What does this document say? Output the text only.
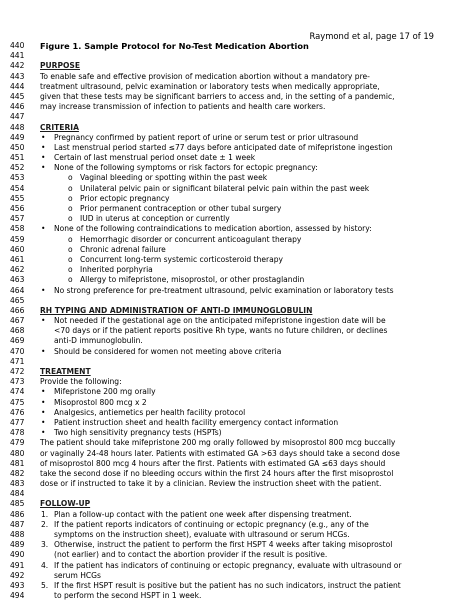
Raymond et al, page 17 of 19
440	Figure 1. Sample Protocol for No-Test Medication Abortion
441
442	PURPOSE
443	To enable safe and effective provision of medication abortion without a mandatory pre-
444	treatment ultrasound, pelvic examination or laboratory tests when medically appropriate,
445	given that these tests may be significant barriers to access and, in the setting of a pandemic,
446	may increase transmission of infection to patients and health care workers.
447
448	CRITERIA
449	• Pregnancy confirmed by patient report of urine or serum test or prior ultrasound
450	• Last menstrual period started ≤77 days before anticipated date of mifepristone ingestion
451	• Certain of last menstrual period onset date ± 1 week
452	• None of the following symptoms or risk factors for ectopic pregnancy:
453	o Vaginal bleeding or spotting within the past week
454	o Unilateral pelvic pain or significant bilateral pelvic pain within the past week
455	o Prior ectopic pregnancy
456	o Prior permanent contraception or other tubal surgery
457	o IUD in uterus at conception or currently
458	• None of the following contraindications to medication abortion, assessed by history:
459	o Hemorrhagic disorder or concurrent anticoagulant therapy
460	o Chronic adrenal failure
461	o Concurrent long-term systemic corticosteroid therapy
462	o Inherited porphyria
463	o Allergy to mifepristone, misoprostol, or other prostaglandin
464	• No strong preference for pre-treatment ultrasound, pelvic examination or laboratory tests
465
466	RH TYPING AND ADMINISTRATION OF ANTI-D IMMUNOGLOBULIN
467	• Not needed if the gestational age on the anticipated mifepristone ingestion date will be
468	<70 days or if the patient reports positive Rh type, wants no future children, or declines
469	anti-D immunoglobulin.
470	• Should be considered for women not meeting above criteria
471
472	TREATMENT
473	Provide the following:
474	• Mifepristone 200 mg orally
475	• Misoprostol 800 mcg x 2
476	• Analgesics, antiemetics per health facility protocol
477	• Patient instruction sheet and health facility emergency contact information
478	• Two high sensitivity pregnancy tests (HSPTs)
479	The patient should take mifepristone 200 mg orally followed by misoprostol 800 mcg buccally
480	or vaginally 24-48 hours later. Patients with estimated GA >63 days should take a second dose
481	of misoprostol 800 mcg 4 hours after the first. Patients with estimated GA ≤63 days should
482	take the second dose if no bleeding occurs within the first 24 hours after the first misoprostol
483	dose or if instructed to take it by a clinician. Review the instruction sheet with the patient.
484
485	FOLLOW-UP
486	1. Plan a follow-up contact with the patient one week after dispensing treatment.
487	2. If the patient reports indicators of continuing or ectopic pregnancy (e.g., any of the
488	symptoms on the instruction sheet), evaluate with ultrasound or serum HCGs.
489	3. Otherwise, instruct the patient to perform the first HSPT 4 weeks after taking misoprostol
490	(not earlier) and to contact the abortion provider if the result is positive.
491	4. If the patient has indicators of continuing or ectopic pregnancy, evaluate with ultrasound or
492	serum HCGs
493	5. If the first HSPT result is positive but the patient has no such indicators, instruct the patient
494	to perform the second HSPT in 1 week.
